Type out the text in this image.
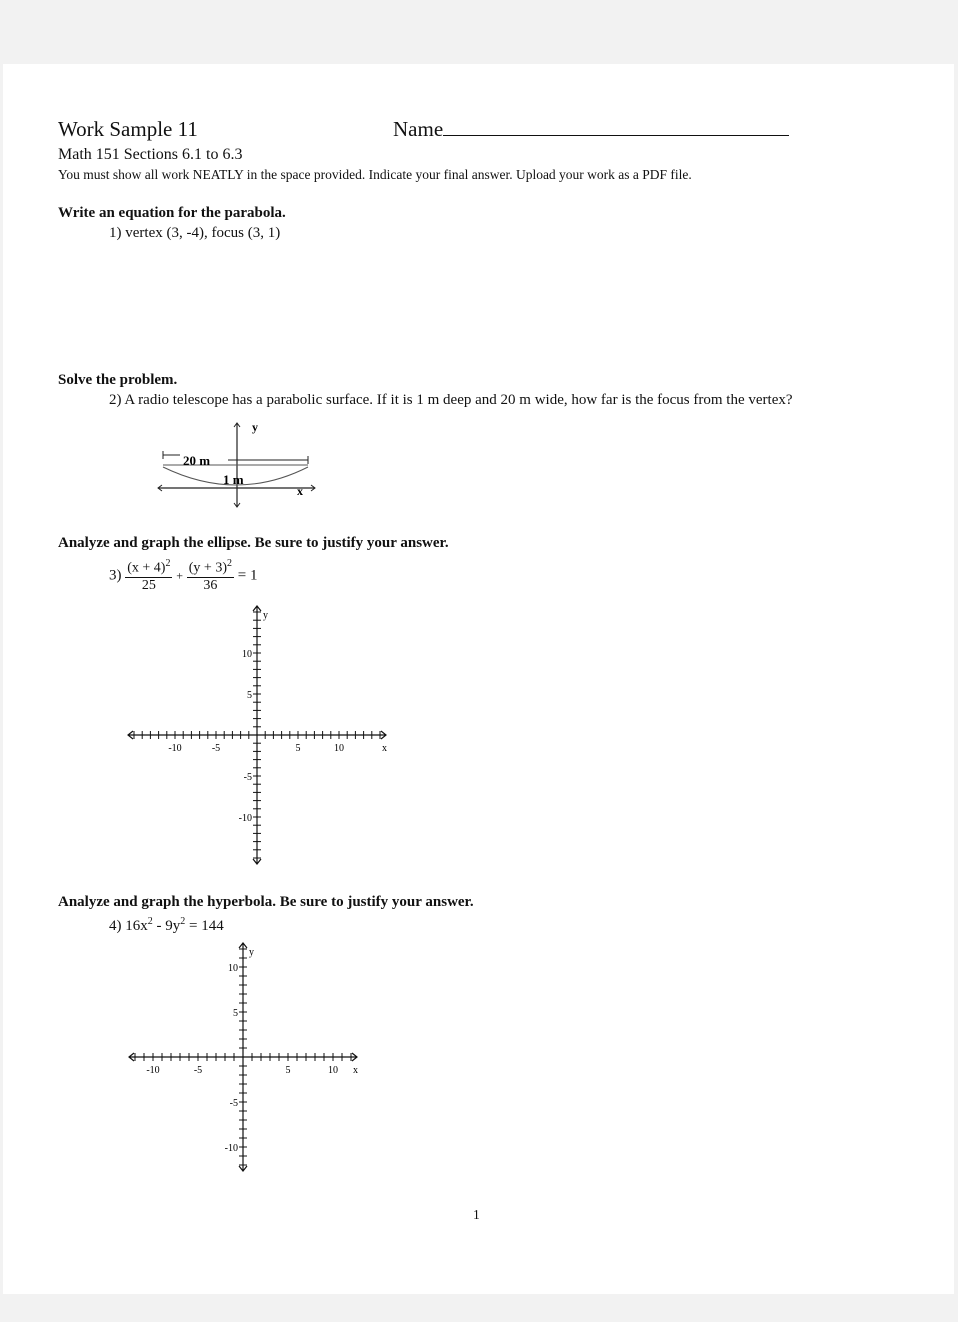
Work Sample 11	Name
Math 151 Sections 6.1 to 6.3
You must show all work NEATLY in the space provided. Indicate your final answer. Upload your work as a PDF file.
Write an equation for the parabola.
1) vertex (3, -4), focus (3, 1)
Solve the problem.
2) A radio telescope has a parabolic surface. If it is 1 m deep and 20 m wide, how far is the focus from the vertex?
20 m
1 m
y
x
Analyze and graph the ellipse. Be sure to justify your answer.
$3) \frac{(x + 4)^2}{25} + \frac{(y + 3)^2}{36} = 1$
-10	-5	5	10
10
5
-5
-10
x
y
Analyze and graph the hyperbola. Be sure to justify your answer.
4) $16x^2 - 9y^2 = 144$
-10	-5	5	10
10
5
-5
-10
x
y
1
